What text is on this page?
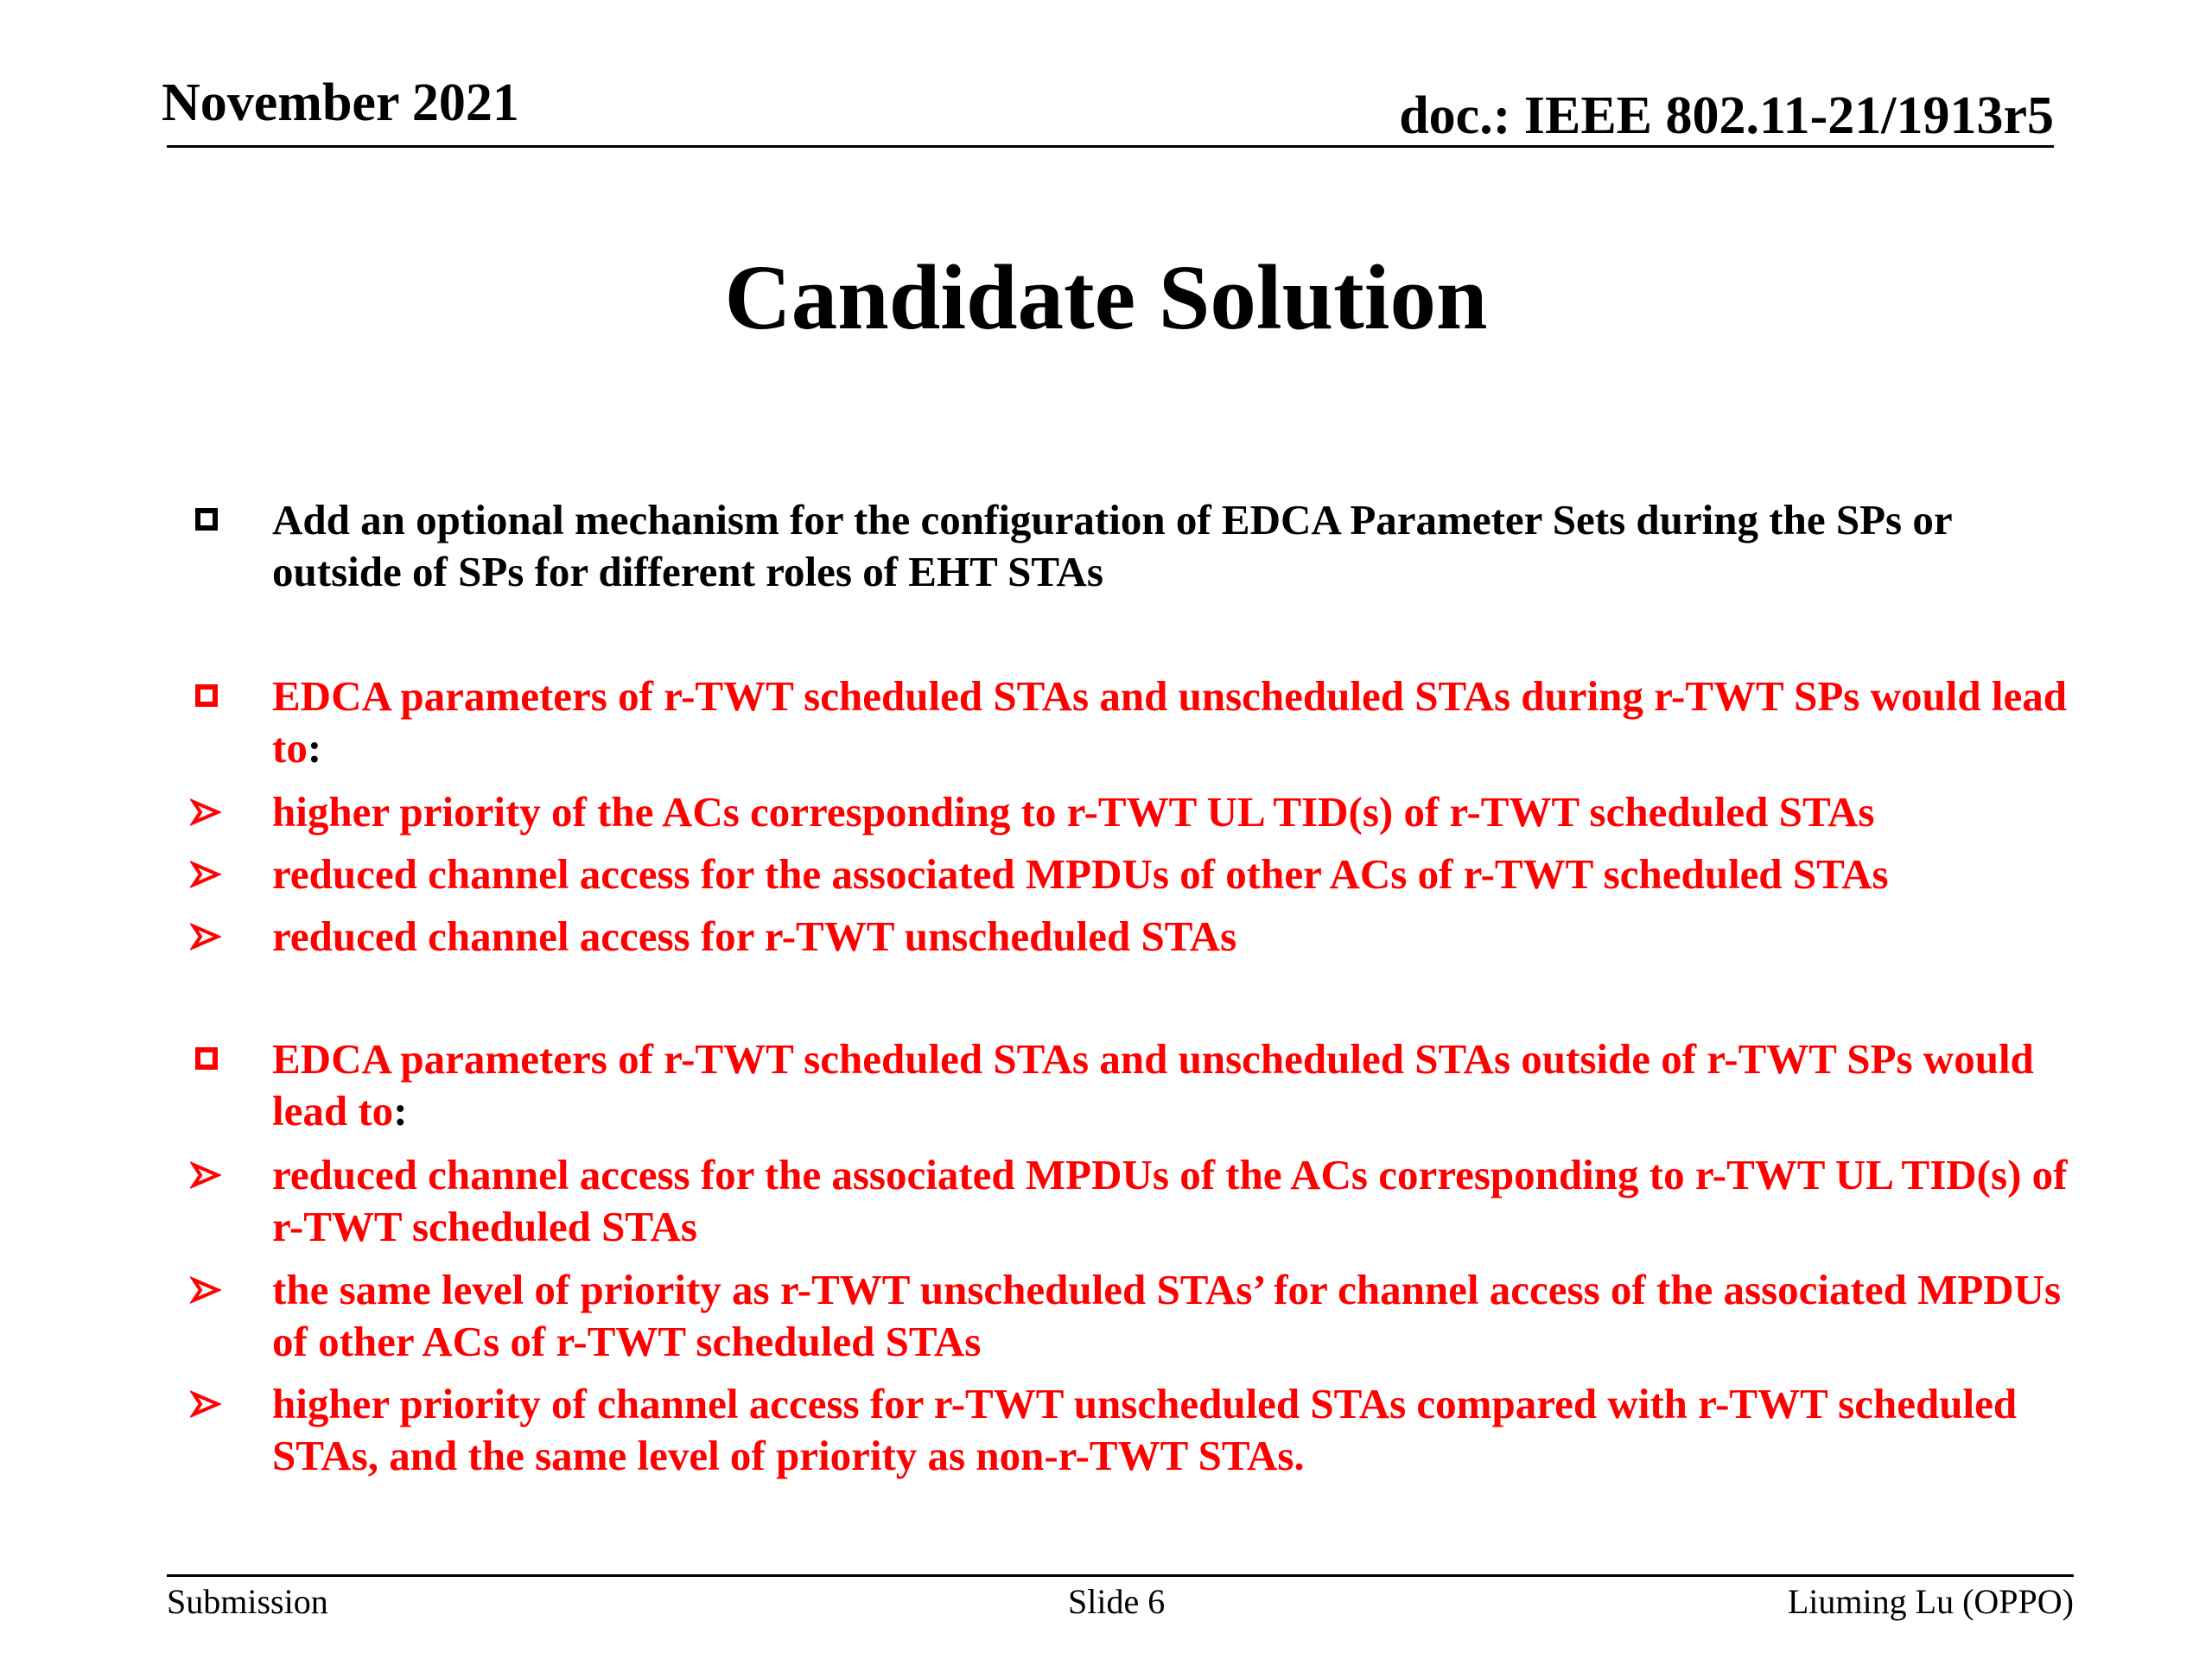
November 2021	doc.: IEEE 802.11-21/1913r5
Candidate Solution
Add an optional mechanism for the configuration of EDCA Parameter Sets during the SPs or outside of SPs for different roles of EHT STAs
EDCA parameters of r-TWT scheduled STAs and unscheduled STAs during r-TWT SPs would lead to:
higher priority of the ACs corresponding to r-TWT UL TID(s) of r-TWT scheduled STAs
reduced channel access for the associated MPDUs of other ACs of r-TWT scheduled STAs
reduced channel access for r-TWT unscheduled STAs
EDCA parameters of r-TWT scheduled STAs and unscheduled STAs outside of r-TWT SPs would lead to:
reduced channel access for the associated MPDUs of the ACs corresponding to r-TWT UL TID(s) of r-TWT scheduled STAs
the same level of priority as r-TWT unscheduled STAs’ for channel access of the associated MPDUs of other ACs of r-TWT scheduled STAs
higher priority of channel access for r-TWT unscheduled STAs compared with r-TWT scheduled STAs, and the same level of priority as non-r-TWT STAs.
Submission	Slide 6	Liuming Lu (OPPO)
